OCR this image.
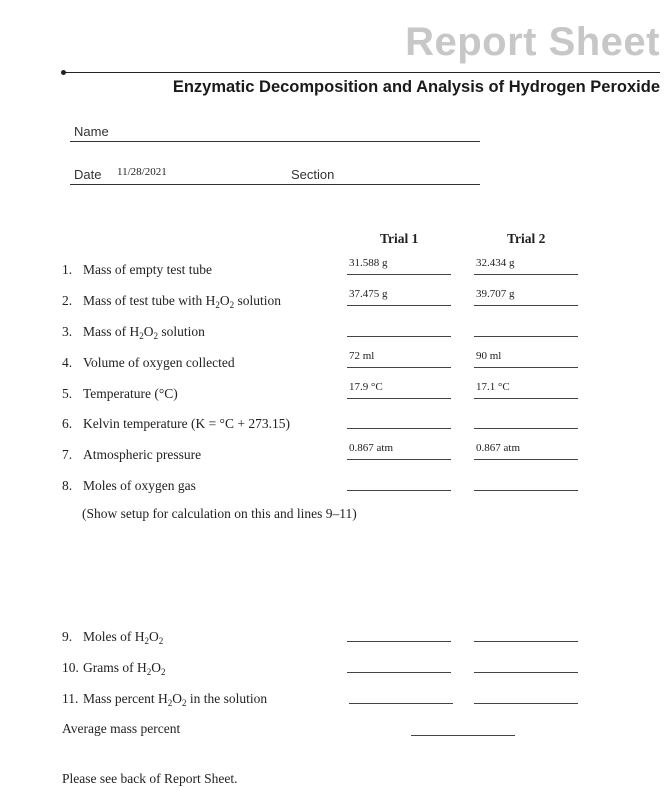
Report Sheet
Enzymatic Decomposition and Analysis of Hydrogen Peroxide
Name
Date 11/28/2021	Section
Trial 1	Trial 2
1. Mass of empty test tube	31.588 g	32.434 g
2. Mass of test tube with $H_2O_2$ solution	37.475 g	39.707 g
3. Mass of $H_2O_2$ solution
4. Volume of oxygen collected	72 ml	90 ml
5. Temperature (°C)	17.9 °C	17.1 °C
6. Kelvin temperature (K = °C + 273.15)
7. Atmospheric pressure	0.867 atm	0.867 atm
8. Moles of oxygen gas
9. Moles of $H_2O_2$
10. Grams of $H_2O_2$
11. Mass percent $H_2O_2$ in the solution
(Show setup for calculation on this and lines 9–11)
Average mass percent
Please see back of Report Sheet.
